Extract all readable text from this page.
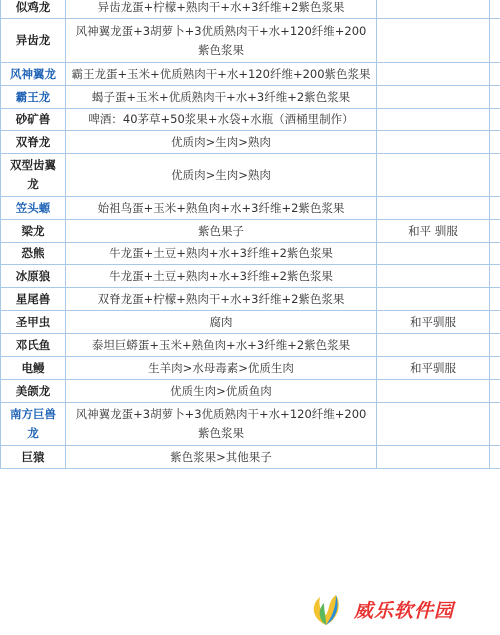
似鸡龙	异齿龙蛋+柠檬+熟肉干+水+3纤维+2紫色浆果		
异齿龙	风神翼龙蛋+3胡萝卜+3优质熟肉干+水+120纤维+200紫色浆果		
风神翼龙	霸王龙蛋+玉米+优质熟肉干+水+120纤维+200紫色浆果		
霸王龙	蝎子蛋+玉米+优质熟肉干+水+3纤维+2紫色浆果		
砂矿兽	啤酒：40茅草+50浆果+水袋+水瓶（酒桶里制作）		
双脊龙	优质肉>生肉>熟肉		
双型齿翼龙	优质肉>生肉>熟肉		
笠头螈	始祖鸟蛋+玉米+熟鱼肉+水+3纤维+2紫色浆果		
梁龙	紫色果子	和平 驯服	
恐熊	牛龙蛋+土豆+熟肉+水+3纤维+2紫色浆果		
冰原狼	牛龙蛋+土豆+熟肉+水+3纤维+2紫色浆果		
星尾兽	双脊龙蛋+柠檬+熟肉干+水+3纤维+2紫色浆果		
圣甲虫	腐肉	和平驯服	
邓氏鱼	泰坦巨蟒蛋+玉米+熟鱼肉+水+3纤维+2紫色浆果		
电鳗	生羊肉>水母毒素>优质生肉	和平驯服	
美颌龙	优质生肉>优质鱼肉		
南方巨兽龙	风神翼龙蛋+3胡萝卜+3优质熟肉干+水+120纤维+200紫色浆果		
巨猿	紫色浆果>其他果子		
威乐软件园
